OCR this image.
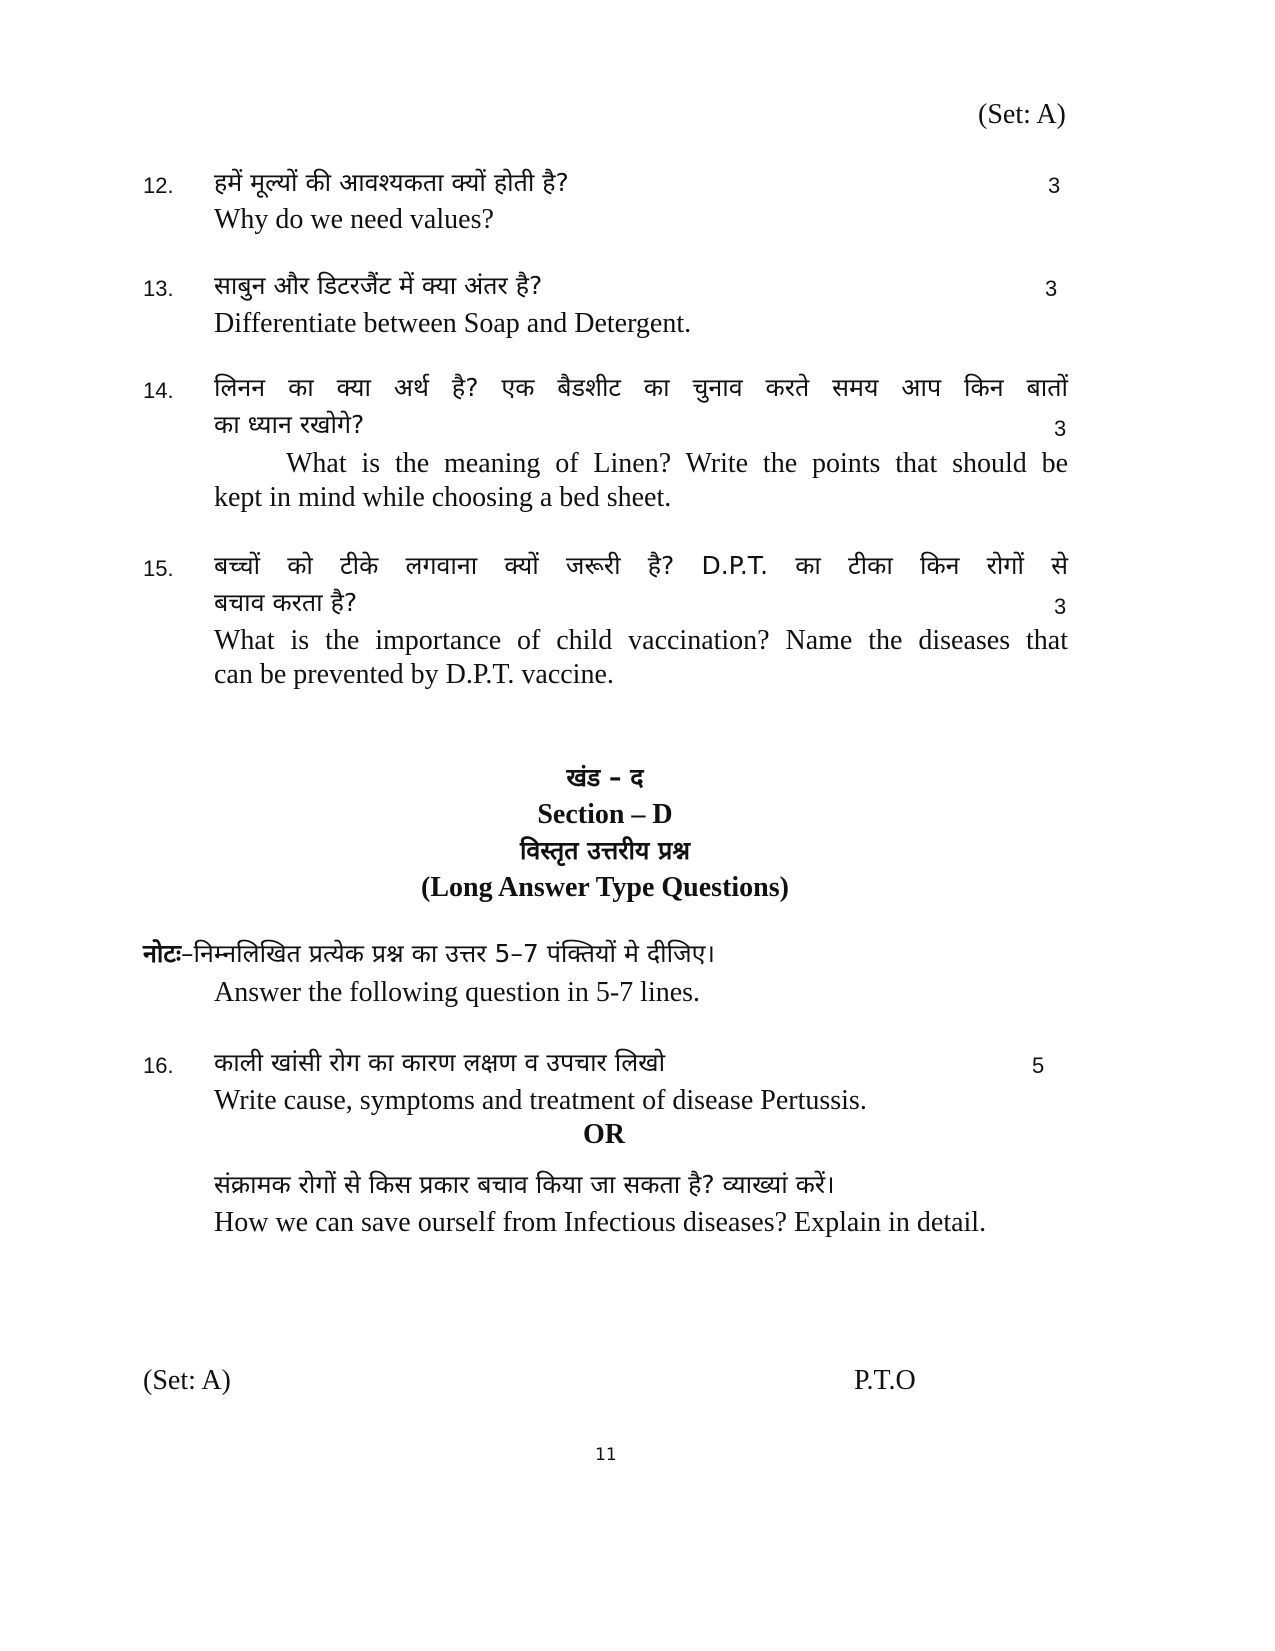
(Set: A)
12. हमें मूल्यों की आवश्यकता क्यों होती है?	3
Why do we need values?
13. साबुन और डिटरजैंट में क्या अंतर है?	3
Differentiate between Soap and Detergent.
14. लिनन का क्या अर्थ है? एक बैडशीट का चुनाव करते समय आप किन बातों
का ध्यान रखोगे?	3
What is the meaning of Linen? Write the points that should be
kept in mind while choosing a bed sheet.
15. बच्चों को टीके लगवाना क्यों जरूरी है? D.P.T. का टीका किन रोगों से
बचाव करता है?	3
What is the importance of child vaccination? Name the diseases that
can be prevented by D.P.T. vaccine.
खंड – द
Section – D
विस्तृत उत्तरीय प्रश्न
(Long Answer Type Questions)
नोटः–निम्नलिखित प्रत्येक प्रश्न का उत्तर 5–7 पंक्तियों मे दीजिए।
Answer the following question in 5-7 lines.
16. काली खांसी रोग का कारण लक्षण व उपचार लिखो	5
Write cause, symptoms and treatment of disease Pertussis.
OR
संक्रामक रोगों से किस प्रकार बचाव किया जा सकता है? व्याख्यां करें।
How we can save ourself from Infectious diseases? Explain in detail.
(Set: A)	P.T.O
11
